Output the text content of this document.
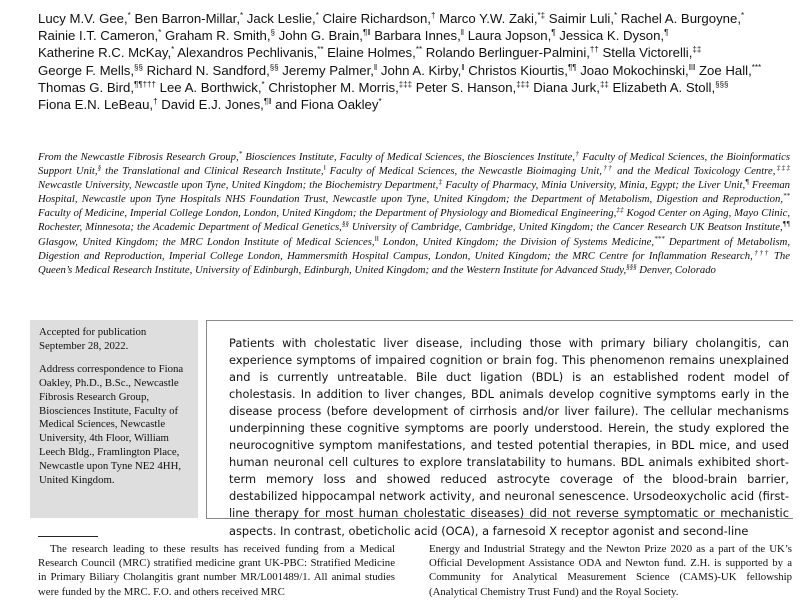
Lucy M.V. Gee,* Ben Barron-Millar,* Jack Leslie,* Claire Richardson,† Marco Y.W. Zaki,*‡ Saimir Luli,* Rachel A. Burgoyne,*
Rainie I.T. Cameron,* Graham R. Smith,§ John G. Brain,¶‖ Barbara Innes,‖ Laura Jopson,¶ Jessica K. Dyson,¶
Katherine R.C. McKay,* Alexandros Pechlivanis,** Elaine Holmes,** Rolando Berlinguer-Palmini,†† Stella Victorelli,‡‡
George F. Mells,§§ Richard N. Sandford,§§ Jeremy Palmer,‖ John A. Kirby,‖ Christos Kiourtis,¶¶ Joao Mokochinski,‖‖ Zoe Hall,***
Thomas G. Bird,¶¶††† Lee A. Borthwick,* Christopher M. Morris,‡‡‡ Peter S. Hanson,‡‡‡ Diana Jurk,‡‡ Elizabeth A. Stoll,§§§
Fiona E.N. LeBeau,† David E.J. Jones,¶‖ and Fiona Oakley*
From the Newcastle Fibrosis Research Group,* Biosciences Institute, Faculty of Medical Sciences, the Biosciences Institute,† Faculty of Medical Sciences, the Bioinformatics Support Unit,§ the Translational and Clinical Research Institute,‖ Faculty of Medical Sciences, the Newcastle Bioimaging Unit,†† and the Medical Toxicology Centre,‡‡‡ Newcastle University, Newcastle upon Tyne, United Kingdom; the Biochemistry Department,‡ Faculty of Pharmacy, Minia University, Minia, Egypt; the Liver Unit,¶ Freeman Hospital, Newcastle upon Tyne Hospitals NHS Foundation Trust, Newcastle upon Tyne, United Kingdom; the Department of Metabolism, Digestion and Reproduction,** Faculty of Medicine, Imperial College London, London, United Kingdom; the Department of Physiology and Biomedical Engineering,‡‡ Kogod Center on Aging, Mayo Clinic, Rochester, Minnesota; the Academic Department of Medical Genetics,§§ University of Cambridge, Cambridge, United Kingdom; the Cancer Research UK Beatson Institute,¶¶ Glasgow, United Kingdom; the MRC London Institute of Medical Sciences,‖‖ London, United Kingdom; the Division of Systems Medicine,*** Department of Metabolism, Digestion and Reproduction, Imperial College London, Hammersmith Hospital Campus, London, United Kingdom; the MRC Centre for Inflammation Research,††† The Queen’s Medical Research Institute, University of Edinburgh, Edinburgh, United Kingdom; and the Western Institute for Advanced Study,§§§ Denver, Colorado
Accepted for publication September 28, 2022.
Address correspondence to Fiona Oakley, Ph.D., B.Sc., Newcastle Fibrosis Research Group, Biosciences Institute, Faculty of Medical Sciences, Newcastle University, 4th Floor, William Leech Bldg., Framlington Place, Newcastle upon Tyne NE2 4HH, United Kingdom.
Patients with cholestatic liver disease, including those with primary biliary cholangitis, can experience symptoms of impaired cognition or brain fog. This phenomenon remains unexplained and is currently untreatable. Bile duct ligation (BDL) is an established rodent model of cholestasis. In addition to liver changes, BDL animals develop cognitive symptoms early in the disease process (before development of cirrhosis and/or liver failure). The cellular mechanisms underpinning these cognitive symptoms are poorly understood. Herein, the study explored the neurocognitive symptom manifestations, and tested potential therapies, in BDL mice, and used human neuronal cell cultures to explore translatability to humans. BDL animals exhibited short-term memory loss and showed reduced astrocyte coverage of the blood-brain barrier, destabilized hippocampal network activity, and neuronal senescence. Ursodeoxycholic acid (first-line therapy for most human cholestatic diseases) did not reverse symptomatic or mechanistic aspects. In contrast, obeticholic acid (OCA), a farnesoid X receptor agonist and second-line
The research leading to these results has received funding from a Medical Research Council (MRC) stratified medicine grant UK-PBC: Stratified Medicine in Primary Biliary Cholangitis grant number MR/L001489/1. All animal studies were funded by the MRC. F.O. and others received MRC
Energy and Industrial Strategy and the Newton Prize 2020 as a part of the UK’s Official Development Assistance ODA and Newton fund. Z.H. is supported by a Community for Analytical Measurement Science (CAMS)-UK fellowship (Analytical Chemistry Trust Fund) and the Royal Society.
